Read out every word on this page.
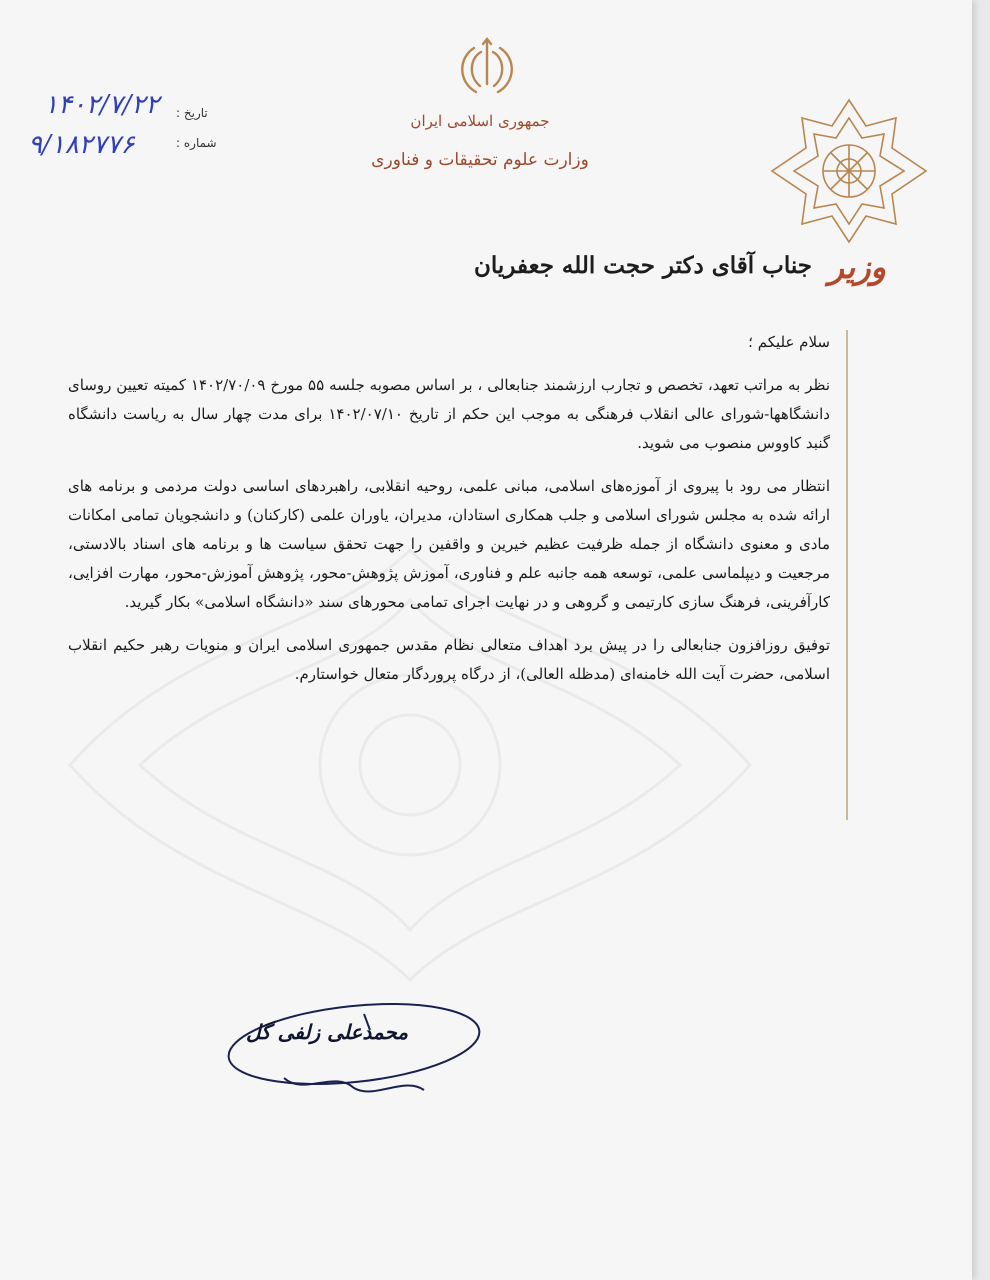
جمهوری اسلامی ایران
وزارت علوم تحقیقات و فناوری
تاریخ :
شماره :
۱۴۰۲/۷/۲۲
۹/۱۸۲۷۷۶
وزیر
جناب آقای دکتر حجت الله جعفریان

سلام علیکم ؛

نظر به مراتب تعهد، تخصص و تجارب ارزشمند جنابعالی ، بر اساس مصوبه جلسه ۵۵ مورخ ۱۴۰۲/۷۰/۰۹ کمیته تعیین روسای دانشگاهها-شورای عالی انقلاب فرهنگی به موجب این حکم از تاریخ ۱۴۰۲/۰۷/۱۰ برای مدت چهار سال به ریاست دانشگاه گنبد کاووس منصوب می شوید.

انتظار می رود با پیروی از آموزه‌های اسلامی، مبانی علمی، روحیه انقلابی، راهبردهای اساسی دولت مردمی و برنامه های ارائه شده به مجلس شورای اسلامی و جلب همکاری استادان، مدیران، یاوران علمی (کارکنان) و دانشجویان تمامی امکانات مادی و معنوی دانشگاه از جمله ظرفیت عظیم خیرین و واقفین را جهت تحقق سیاست ها و برنامه های اسناد بالادستی، مرجعیت و دیپلماسی علمی، توسعه همه جانبه علم و فناوری، آموزش پژوهش-محور، پژوهش آموزش-محور، مهارت افزایی، کارآفرینی، فرهنگ سازی کارتیمی و گروهی و در نهایت اجرای تمامی محورهای سند «دانشگاه اسلامی» بکار گیرید.

توفیق روزافزون جنابعالی را در پیش برد اهداف متعالی نظام مقدس جمهوری اسلامی ایران و منویات رهبر حکیم انقلاب اسلامی، حضرت آیت الله خامنه‌ای (مدظله العالی)، از درگاه پروردگار متعال خواستارم.

محمدعلی زلفی گل
